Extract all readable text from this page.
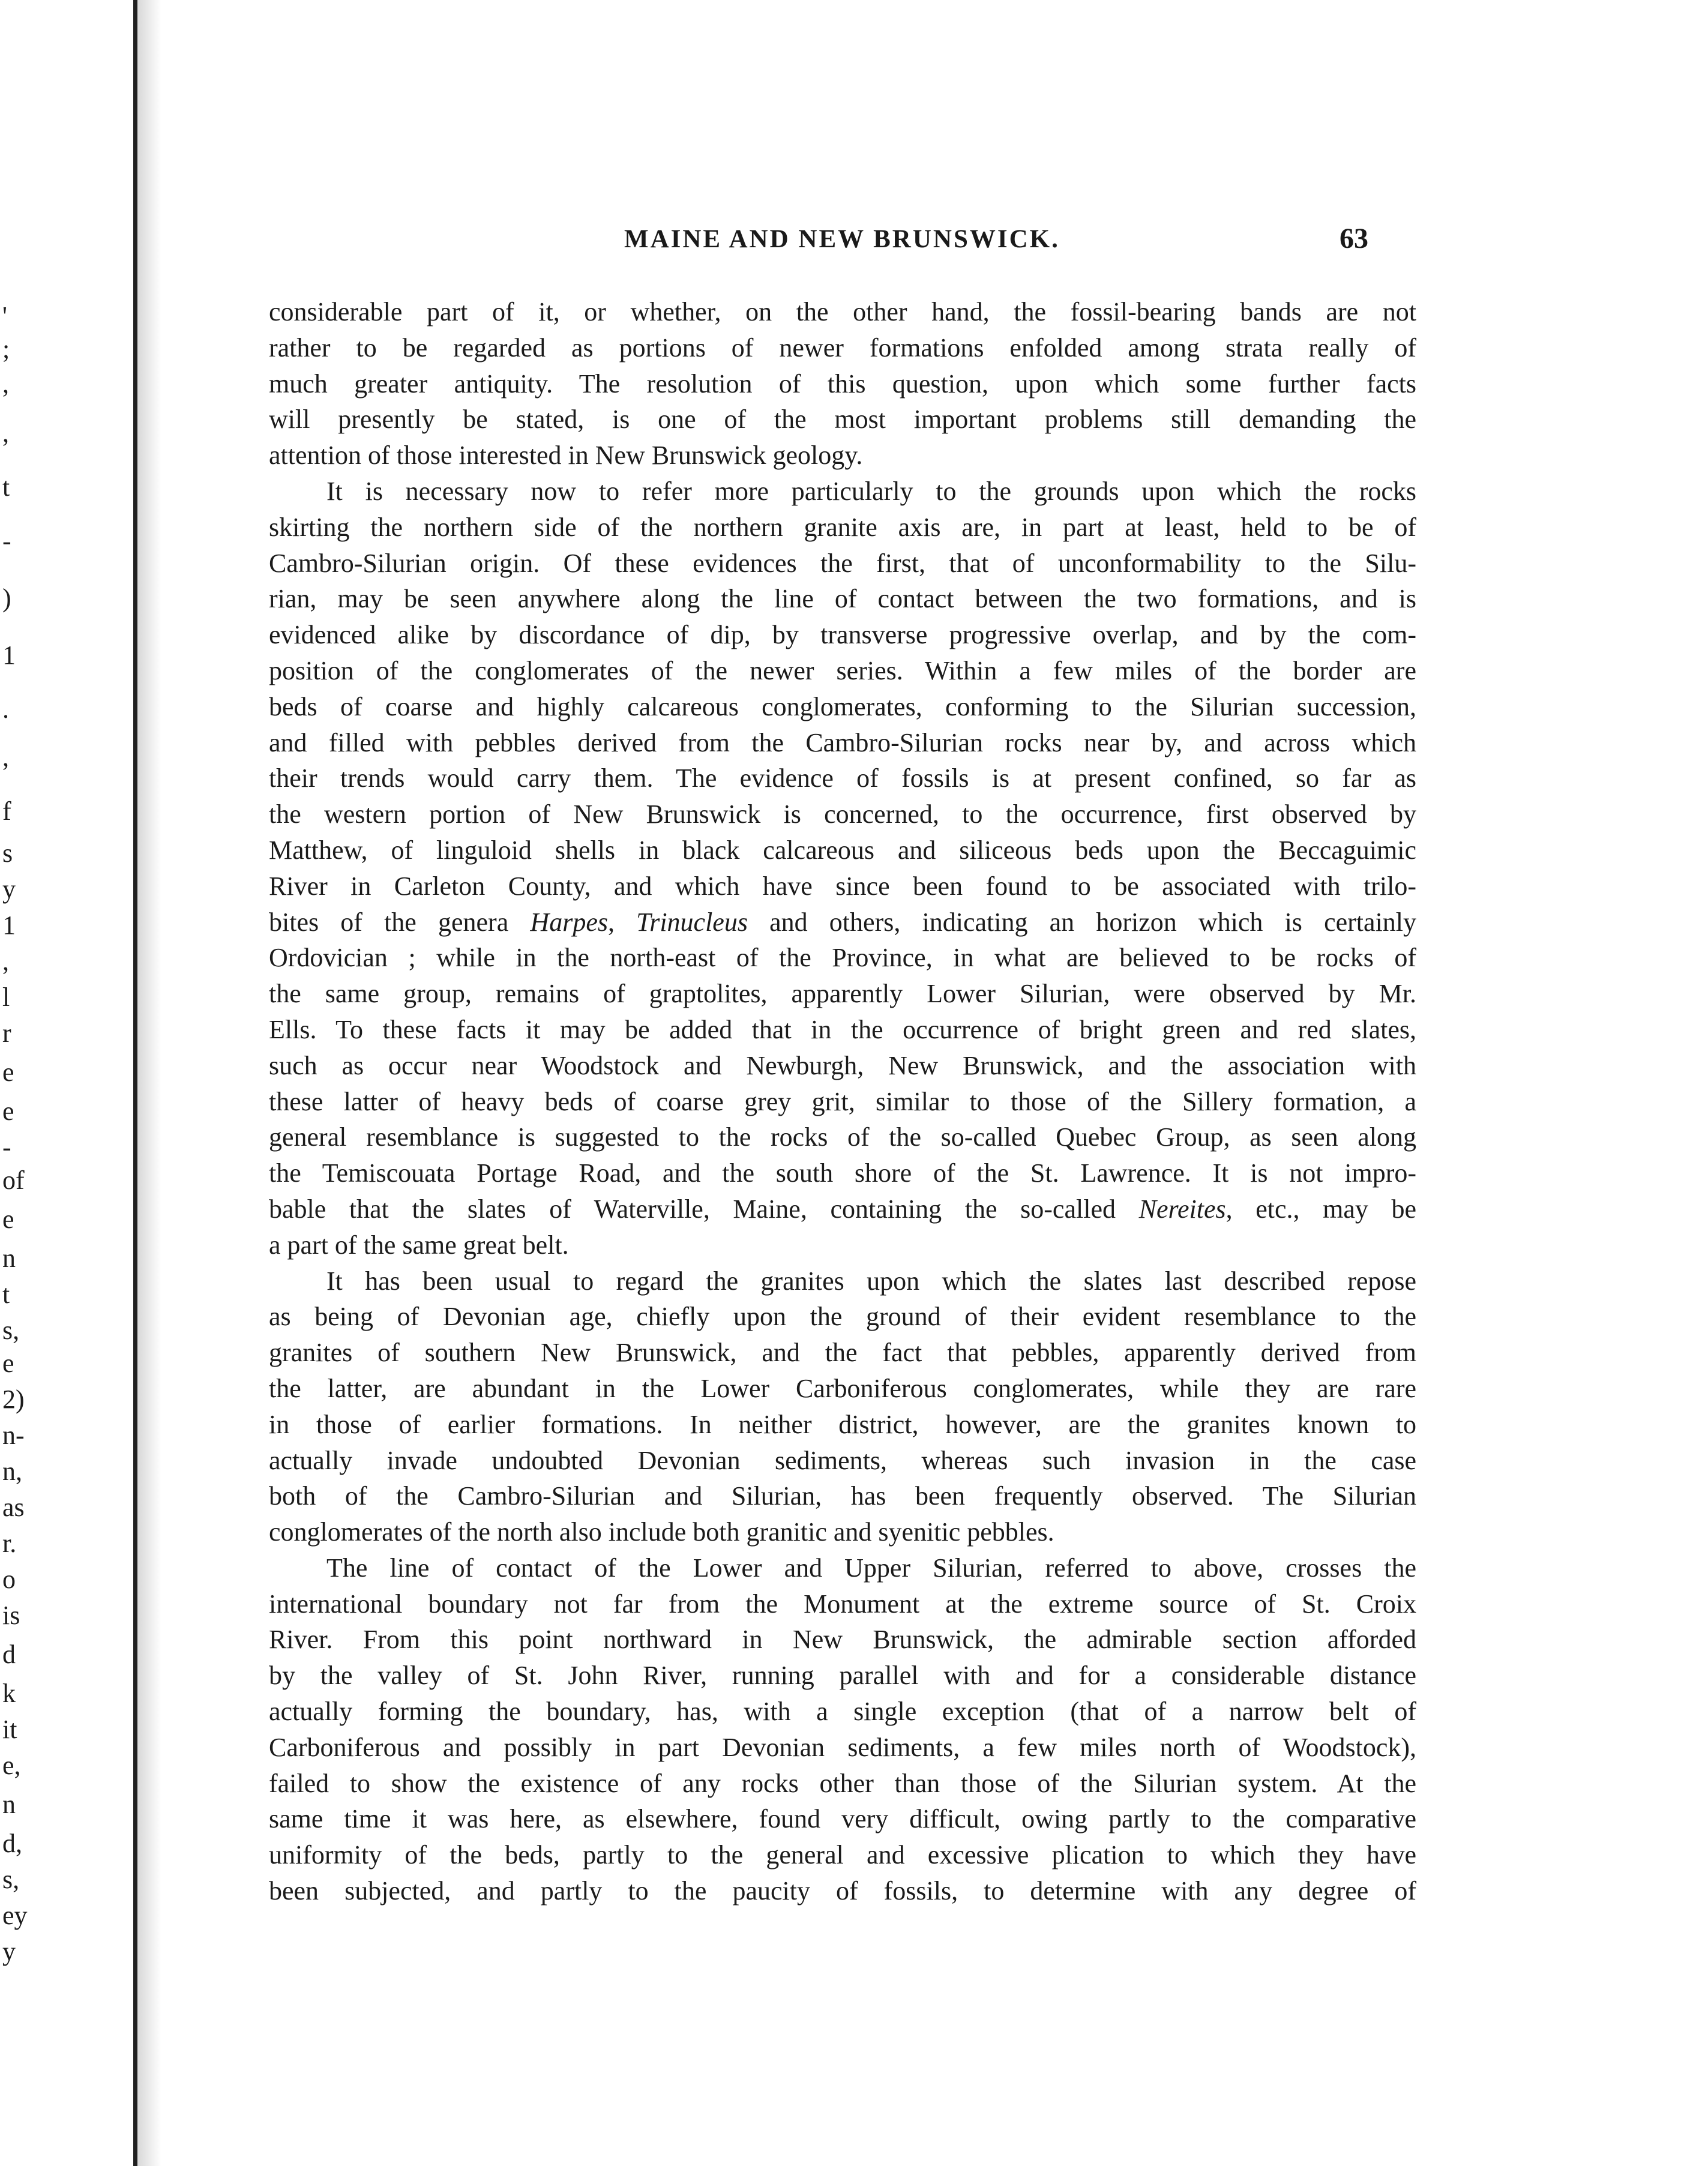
'
;
,
,
t
-
)
1
.
,
f
s
y
1
,
l
r
e
e
-
of
e
n
t
s,
e
2)
n-
n,
as
r.
o
is
d
k
it
e,
n
d,
s,
ey
y
MAINE AND NEW BRUNSWICK.	63
considerable part of it, or whether, on the other hand, the fossil-bearing bands are not
rather to be regarded as portions of newer formations enfolded among strata really of
much greater antiquity. The resolution of this question, upon which some further facts
will presently be stated, is one of the most important problems still demanding the
attention of those interested in New Brunswick geology.
It is necessary now to refer more particularly to the grounds upon which the rocks
skirting the northern side of the northern granite axis are, in part at least, held to be of
Cambro-Silurian origin. Of these evidences the first, that of unconformability to the Silu-
rian, may be seen anywhere along the line of contact between the two formations, and is
evidenced alike by discordance of dip, by transverse progressive overlap, and by the com-
position of the conglomerates of the newer series. Within a few miles of the border are
beds of coarse and highly calcareous conglomerates, conforming to the Silurian succession,
and filled with pebbles derived from the Cambro-Silurian rocks near by, and across which
their trends would carry them. The evidence of fossils is at present confined, so far as
the western portion of New Brunswick is concerned, to the occurrence, first observed by
Matthew, of linguloid shells in black calcareous and siliceous beds upon the Beccaguimic
River in Carleton County, and which have since been found to be associated with trilo-
bites of the genera Harpes, Trinucleus and others, indicating an horizon which is certainly
Ordovician ; while in the north-east of the Province, in what are believed to be rocks of
the same group, remains of graptolites, apparently Lower Silurian, were observed by Mr.
Ells. To these facts it may be added that in the occurrence of bright green and red slates,
such as occur near Woodstock and Newburgh, New Brunswick, and the association with
these latter of heavy beds of coarse grey grit, similar to those of the Sillery formation, a
general resemblance is suggested to the rocks of the so-called Quebec Group, as seen along
the Temiscouata Portage Road, and the south shore of the St. Lawrence. It is not impro-
bable that the slates of Waterville, Maine, containing the so-called Nereites, etc., may be
a part of the same great belt.
It has been usual to regard the granites upon which the slates last described repose
as being of Devonian age, chiefly upon the ground of their evident resemblance to the
granites of southern New Brunswick, and the fact that pebbles, apparently derived from
the latter, are abundant in the Lower Carboniferous conglomerates, while they are rare
in those of earlier formations. In neither district, however, are the granites known to
actually invade undoubted Devonian sediments, whereas such invasion in the case
both of the Cambro-Silurian and Silurian, has been frequently observed. The Silurian
conglomerates of the north also include both granitic and syenitic pebbles.
The line of contact of the Lower and Upper Silurian, referred to above, crosses the
international boundary not far from the Monument at the extreme source of St. Croix
River. From this point northward in New Brunswick, the admirable section afforded
by the valley of St. John River, running parallel with and for a considerable distance
actually forming the boundary, has, with a single exception (that of a narrow belt of
Carboniferous and possibly in part Devonian sediments, a few miles north of Woodstock),
failed to show the existence of any rocks other than those of the Silurian system. At the
same time it was here, as elsewhere, found very difficult, owing partly to the comparative
uniformity of the beds, partly to the general and excessive plication to which they have
been subjected, and partly to the paucity of fossils, to determine with any degree of
